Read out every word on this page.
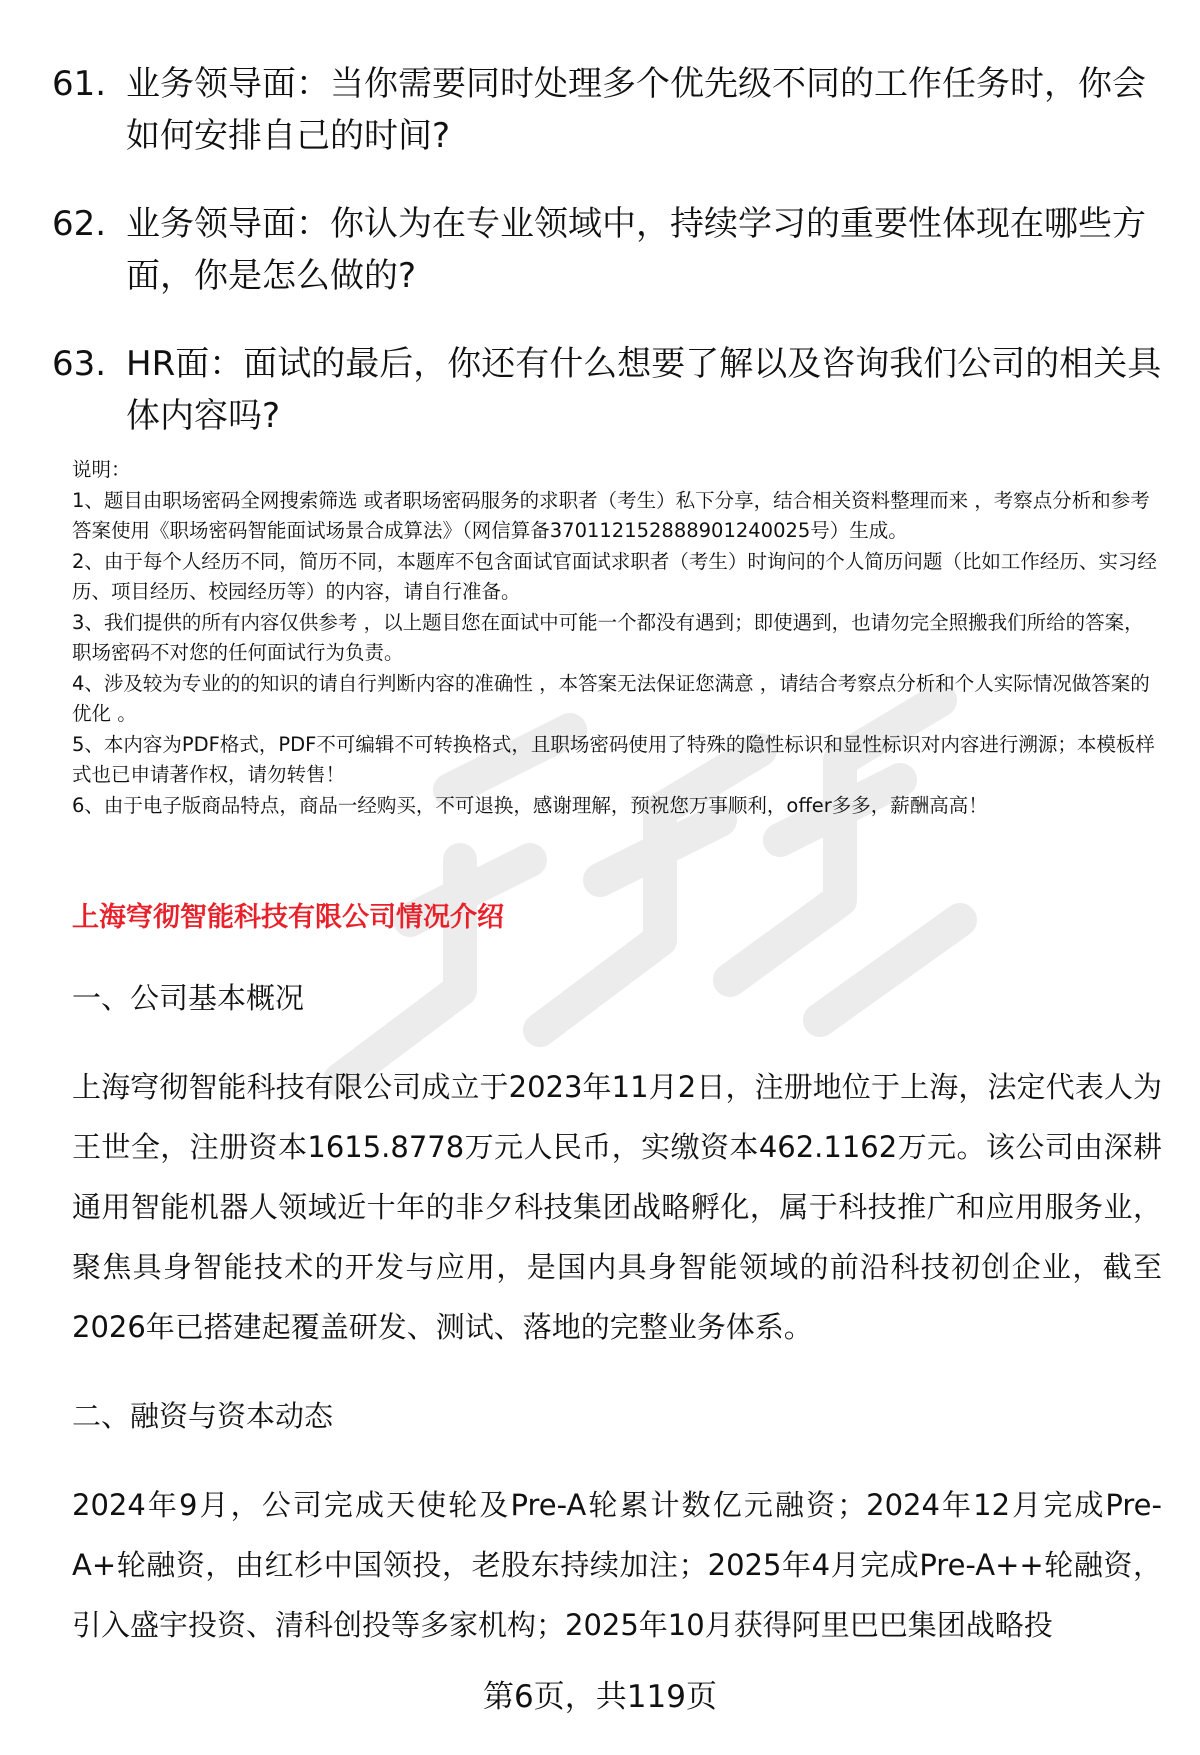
61. 业务领导面：当你需要同时处理多个优先级不同的工作任务时，你会如何安排自己的时间?
62. 业务领导面：你认为在专业领域中，持续学习的重要性体现在哪些方面，你是怎么做的?
63. HR面：面试的最后，你还有什么想要了解以及咨询我们公司的相关具体内容吗?
说明：
1、题目由职场密码全网搜索筛选 或者职场密码服务的求职者（考生）私下分享，结合相关资料整理而来 ，考察点分析和参考答案使用《职场密码智能面试场景合成算法》（网信算备370112152888901240025号）生成。
2、由于每个人经历不同，简历不同，本题库不包含面试官面试求职者（考生）时询问的个人简历问题（比如工作经历、实习经历、项目经历、校园经历等）的内容，请自行准备。
3、我们提供的所有内容仅供参考 ，以上题目您在面试中可能一个都没有遇到；即使遇到，也请勿完全照搬我们所给的答案，职场密码不对您的任何面试行为负责。
4、涉及较为专业的的知识的请自行判断内容的准确性 ，本答案无法保证您满意 ，请结合考察点分析和个人实际情况做答案的优化 。
5、本内容为PDF格式，PDF不可编辑不可转换格式，且职场密码使用了特殊的隐性标识和显性标识对内容进行溯源；本模板样式也已申请著作权，请勿转售！
6、由于电子版商品特点，商品一经购买，不可退换，感谢理解，预祝您万事顺利，offer多多，薪酬高高！
上海穹彻智能科技有限公司情况介绍
一、公司基本概况
上海穹彻智能科技有限公司成立于2023年11月2日，注册地位于上海，法定代表人为王世全，注册资本1615.8778万元人民币，实缴资本462.1162万元。该公司由深耕通用智能机器人领域近十年的非夕科技集团战略孵化，属于科技推广和应用服务业，聚焦具身智能技术的开发与应用，是国内具身智能领域的前沿科技初创企业，截至2026年已搭建起覆盖研发、测试、落地的完整业务体系。
二、融资与资本动态
2024年9月，公司完成天使轮及Pre-A轮累计数亿元融资；2024年12月完成Pre-A+轮融资，由红杉中国领投，老股东持续加注；2025年4月完成Pre-A++轮融资，引入盛宇投资、清科创投等多家机构；2025年10月获得阿里巴巴集团战略投
第6页，共119页
